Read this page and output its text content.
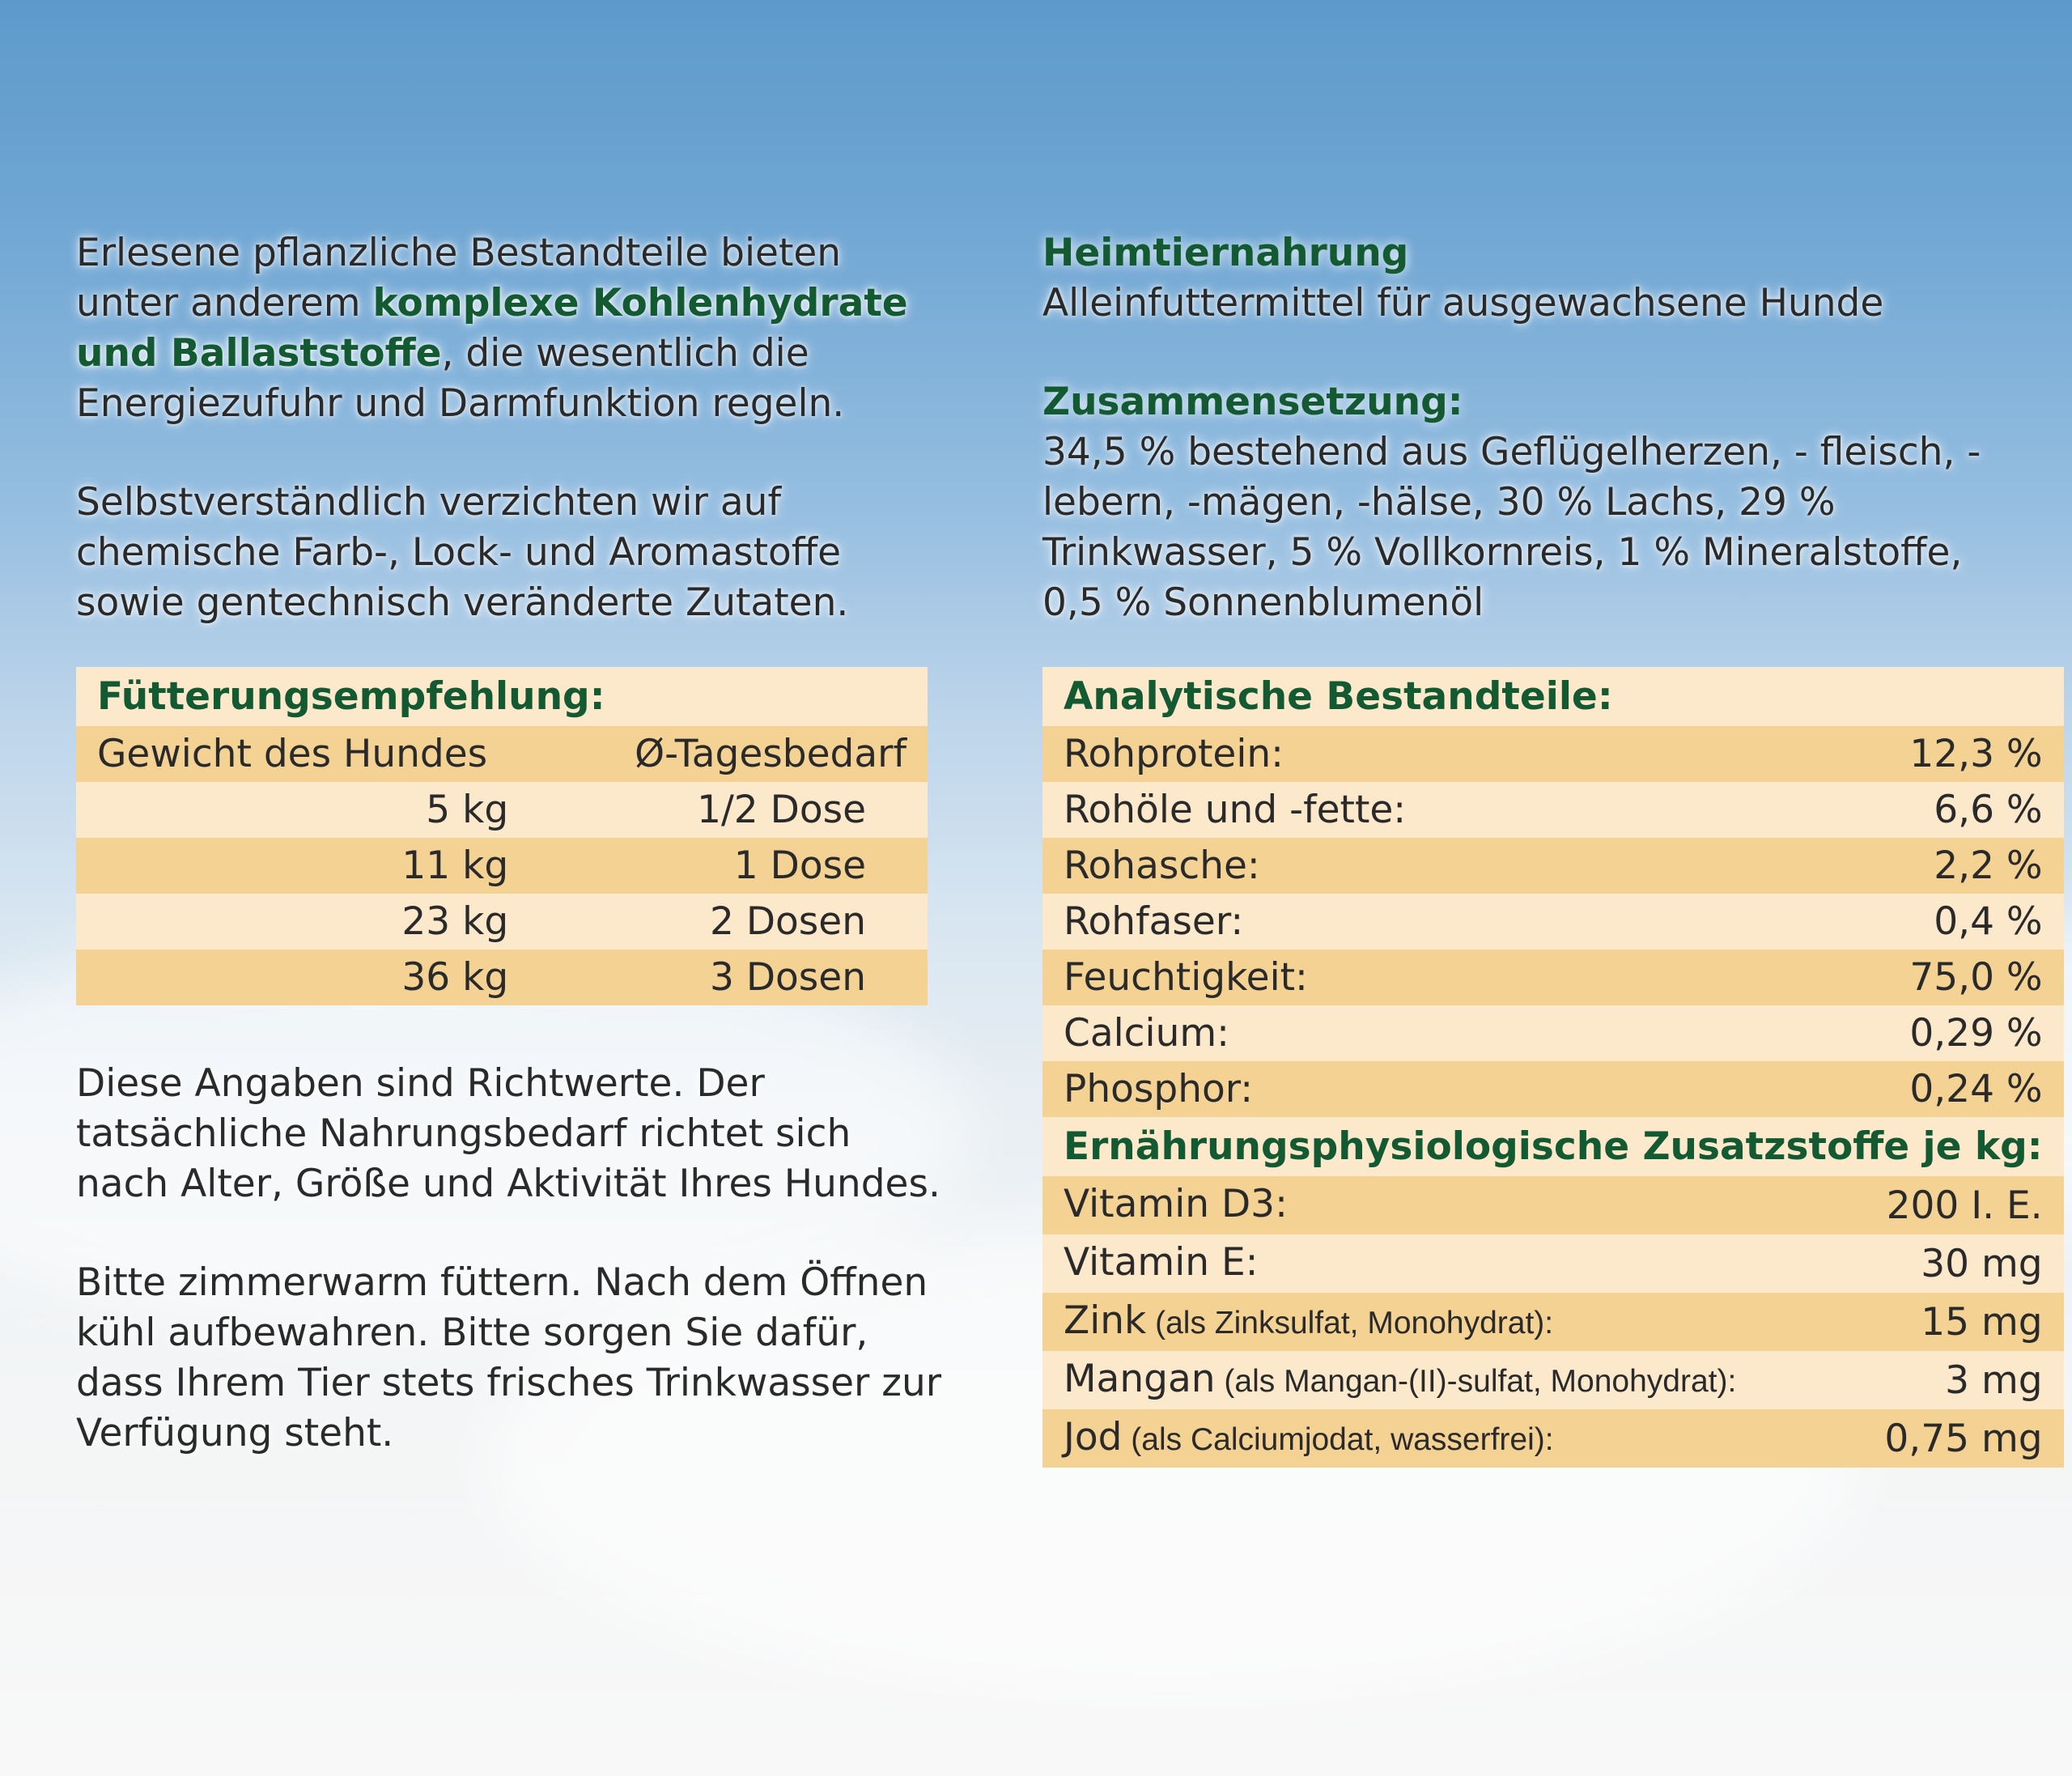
Erlesene pflanzliche Bestandteile bieten unter anderem komplexe Kohlenhydrate und Ballaststoffe, die wesentlich die Energiezufuhr und Darmfunktion regeln.

Selbstverständlich verzichten wir auf chemische Farb-, Lock- und Aromastoffe sowie gentechnisch veränderte Zutaten.

Heimtiernahrung

Alleinfuttermittel für ausgewachsene Hunde

Zusammensetzung:

34,5 % bestehend aus Geflügelherzen, - fleisch, -lebern, -mägen, -hälse, 30 % Lachs, 29 % Trinkwasser, 5 % Vollkornreis, 1 % Mineralstoffe, 0,5 % Sonnenblumenöl

Fütterungsempfehlung:	
Gewicht des Hundes	Ø-Tagesbedarf
5 kg	1/2 Dose
11 kg	1 Dose
23 kg	2 Dosen
36 kg	3 Dosen

Diese Angaben sind Richtwerte. Der tatsächliche Nahrungsbedarf richtet sich nach Alter, Größe und Aktivität Ihres Hundes.

Bitte zimmerwarm füttern. Nach dem Öffnen kühl aufbewahren. Bitte sorgen Sie dafür, dass Ihrem Tier stets frisches Trinkwasser zur Verfügung steht.

Analytische Bestandteile:	
Rohprotein:	12,3 %
Rohöle und -fette:	6,6 %
Rohasche:	2,2 %
Rohfaser:	0,4 %
Feuchtigkeit:	75,0 %
Calcium:	0,29 %
Phosphor:	0,24 %
Ernährungsphysiologische Zusatzstoffe je kg:	
Vitamin D3:	200 I. E.
Vitamin E:	30 mg
Zink (als Zinksulfat, Monohydrat):	15 mg
Mangan (als Mangan-(II)-sulfat, Monohydrat):	3 mg
Jod (als Calciumjodat, wasserfrei):	0,75 mg
